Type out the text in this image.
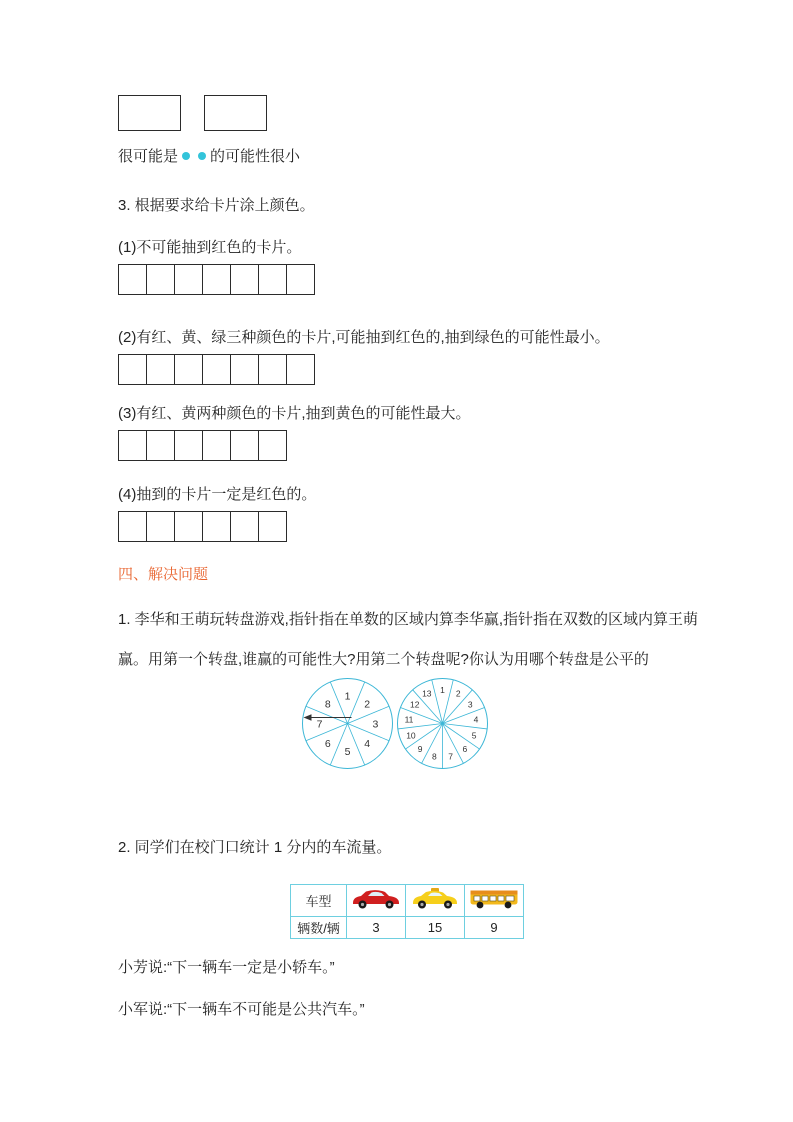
很可能是 的可能性很小
3. 根据要求给卡片涂上颜色。
(1)不可能抽到红色的卡片。
(2)有红、黄、绿三种颜色的卡片,可能抽到红色的,抽到绿色的可能性最小。
(3)有红、黄两种颜色的卡片,抽到黄色的可能性最大。
(4)抽到的卡片一定是红色的。
四、解决问题
1. 李华和王萌玩转盘游戏,指针指在单数的区域内算李华赢,指针指在双数的区域内算王萌
赢。用第一个转盘,谁赢的可能性大?用第二个转盘呢?你认为用哪个转盘是公平的
1
2
3
4
5
6
7
8
1 2
3
4
5
6
7
8
9
10
11
12
13
2. 同学们在校门口统计 1 分内的车流量。
车型			
辆数/辆	3	15	9
小芳说:“下一辆车一定是小轿车。”
小军说:“下一辆车不可能是公共汽车。”
